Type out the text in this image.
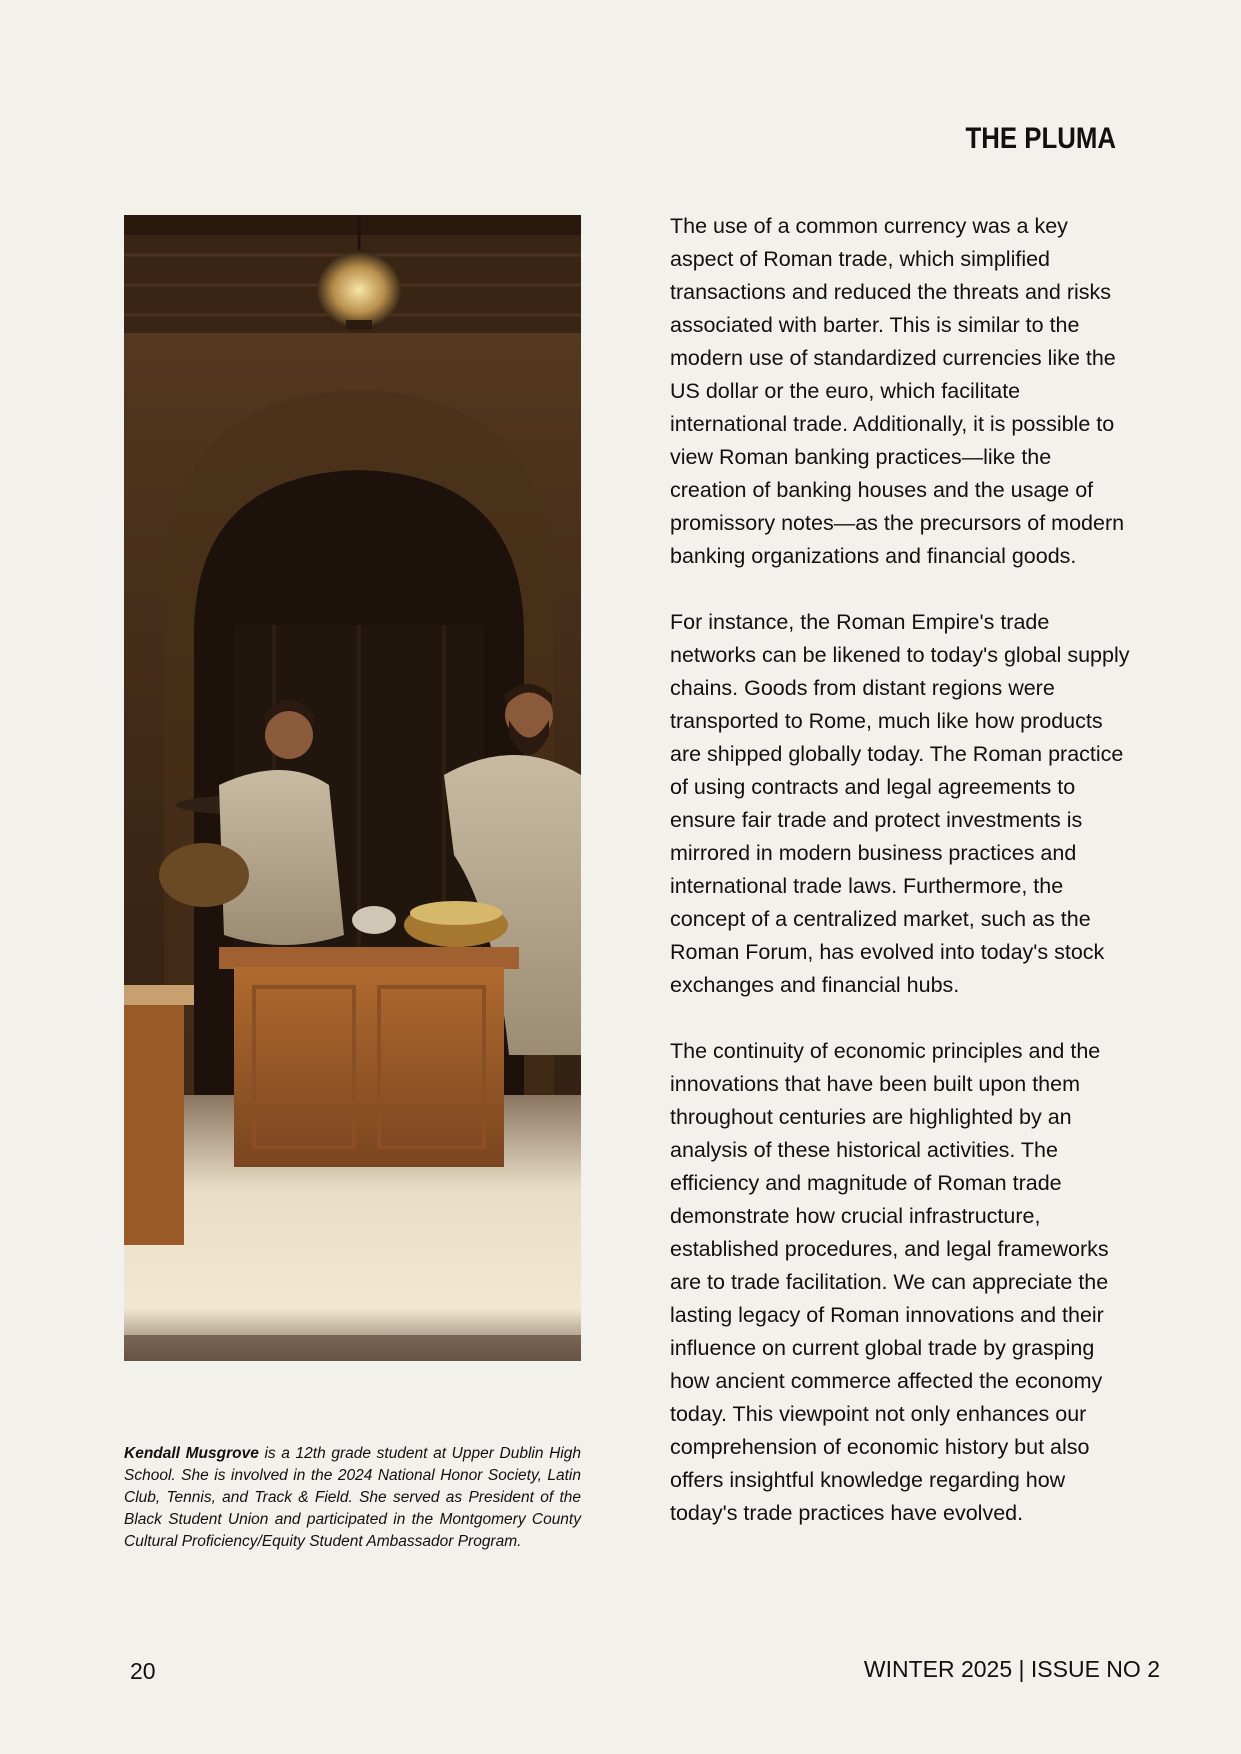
THE PLUMA
Kendall Musgrove is a 12th grade student at Upper Dublin High School. She is involved in the 2024 National Honor Society, Latin Club, Tennis, and Track & Field. She served as President of the Black Student Union and participated in the Montgomery County Cultural Proficiency/Equity Student Ambassador Program.

The use of a common currency was a key aspect of Roman trade, which simplified transactions and reduced the threats and risks associated with barter. This is similar to the modern use of standardized currencies like the US dollar or the euro, which facilitate international trade. Additionally, it is possible to view Roman banking practices—like the creation of banking houses and the usage of promissory notes—as the precursors of modern banking organizations and financial goods.

For instance, the Roman Empire's trade networks can be likened to today's global supply chains. Goods from distant regions were transported to Rome, much like how products are shipped globally today. The Roman practice of using contracts and legal agreements to ensure fair trade and protect investments is mirrored in modern business practices and international trade laws. Furthermore, the concept of a centralized market, such as the Roman Forum, has evolved into today's stock exchanges and financial hubs.

The continuity of economic principles and the innovations that have been built upon them throughout centuries are highlighted by an analysis of these historical activities. The efficiency and magnitude of Roman trade demonstrate how crucial infrastructure, established procedures, and legal frameworks are to trade facilitation. We can appreciate the lasting legacy of Roman innovations and their influence on current global trade by grasping how ancient commerce affected the economy today. This viewpoint not only enhances our comprehension of economic history but also offers insightful knowledge regarding how today's trade practices have evolved.

20	WINTER 2025 | ISSUE NO 2
